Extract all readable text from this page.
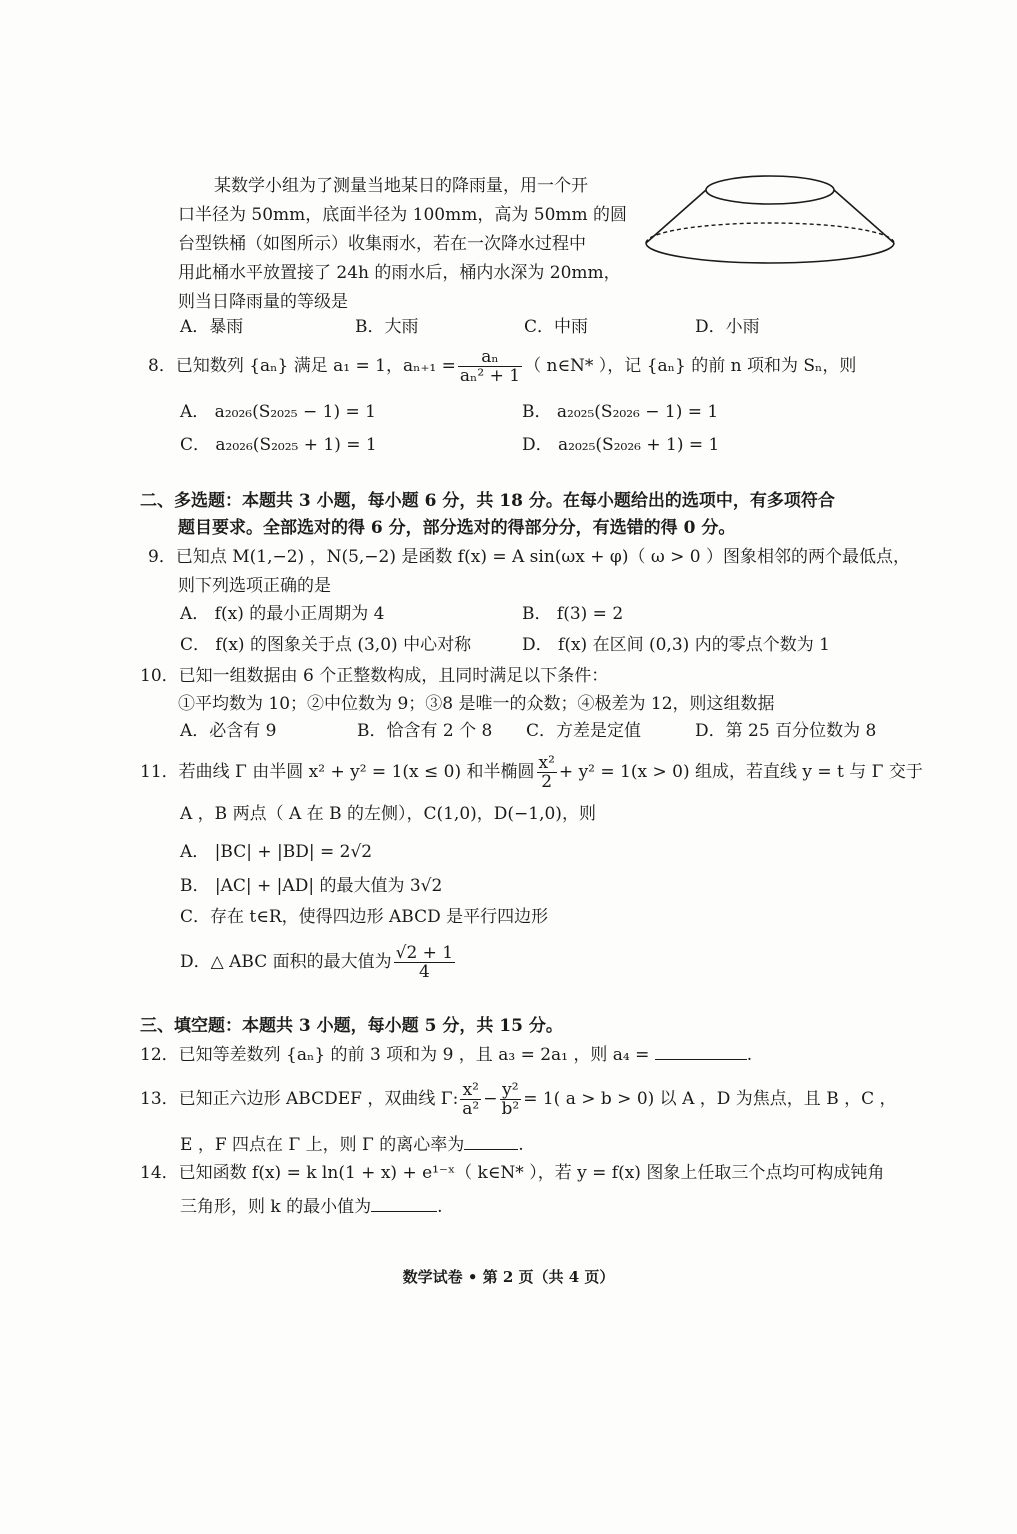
某数学小组为了测量当地某日的降雨量，用一个开
口半径为 50mm，底面半径为 100mm，高为 50mm 的圆
台型铁桶（如图所示）收集雨水，若在一次降水过程中
用此桶水平放置接了 24h 的雨水后，桶内水深为 20mm，
则当日降雨量的等级是
A．暴雨	B．大雨	C．中雨	D．小雨
8．已知数列 {aₙ} 满足 a₁ = 1，$a_{n+1} = \frac{\text{aₙ}}{\text{aₙ² + 1}}$ （ n∈N* ），记 {aₙ} 的前 n 项和为 Sₙ，则
A． a₂₀₂₆(S₂₀₂₅ − 1) = 1	B． a₂₀₂₅(S₂₀₂₆ − 1) = 1
C． a₂₀₂₆(S₂₀₂₅ + 1) = 1	D． a₂₀₂₅(S₂₀₂₆ + 1) = 1
二、多选题：本题共 3 小题，每小题 6 分，共 18 分。在每小题给出的选项中，有多项符合
题目要求。全部选对的得 6 分，部分选对的得部分分，有选错的得 0 分。
9．已知点 M(1,−2) ，N(5,−2) 是函数 f(x) = A sin(ωx + φ)（ ω > 0 ）图象相邻的两个最低点，
则下列选项正确的是
A． f(x) 的最小正周期为 4	B． f(3) = 2
C． f(x) 的图象关于点 (3,0) 中心对称	D． f(x) 在区间 (0,3) 内的零点个数为 1
10．已知一组数据由 6 个正整数构成，且同时满足以下条件：
①平均数为 10；②中位数为 9；③8 是唯一的众数；④极差为 12，则这组数据
A．必含有 9	B．恰含有 2 个 8 C．方差是定值	D．第 25 百分位数为 8
11．若曲线 Γ 由半圆 x² + y² = 1(x ≤ 0) 和半椭圆 $\frac{\text{x²}}{2} + y^2 = 1(x > 0)$ 组成，若直线 y = t 与 Γ 交于
A ，B 两点（ A 在 B 的左侧），C(1,0)，D(−1,0)，则
A． |BC| + |BD| = 2√2
B． |AC| + |AD| 的最大值为 3√2
C．存在 t∈R，使得四边形 ABCD 是平行四边形
D．△ ABC 面积的最大值为 $\frac{√2 + 1}{4}$
三、填空题：本题共 3 小题，每小题 5 分，共 15 分。
12．已知等差数列 {aₙ} 的前 3 项和为 9 ，且 a₃ = 2a₁ ，则 a₄ =	.
13．已知正六边形 ABCDEF ，双曲线 Γ: $\frac{\text{x²}}{\text{a²}} - \frac{\text{y²}}{\text{b²}} = 1$( a > b > 0) 以 A ，D 为焦点，且 B ，C ，
E ，F 四点在 Γ 上，则 Γ 的离心率为	.
14．已知函数 f(x) = k ln(1 + x) + e¹⁻ˣ（ k∈N* ），若 y = f(x) 图象上任取三个点均可构成钝角
三角形，则 k 的最小值为	.
数学试卷 • 第 2 页（共 4 页）
